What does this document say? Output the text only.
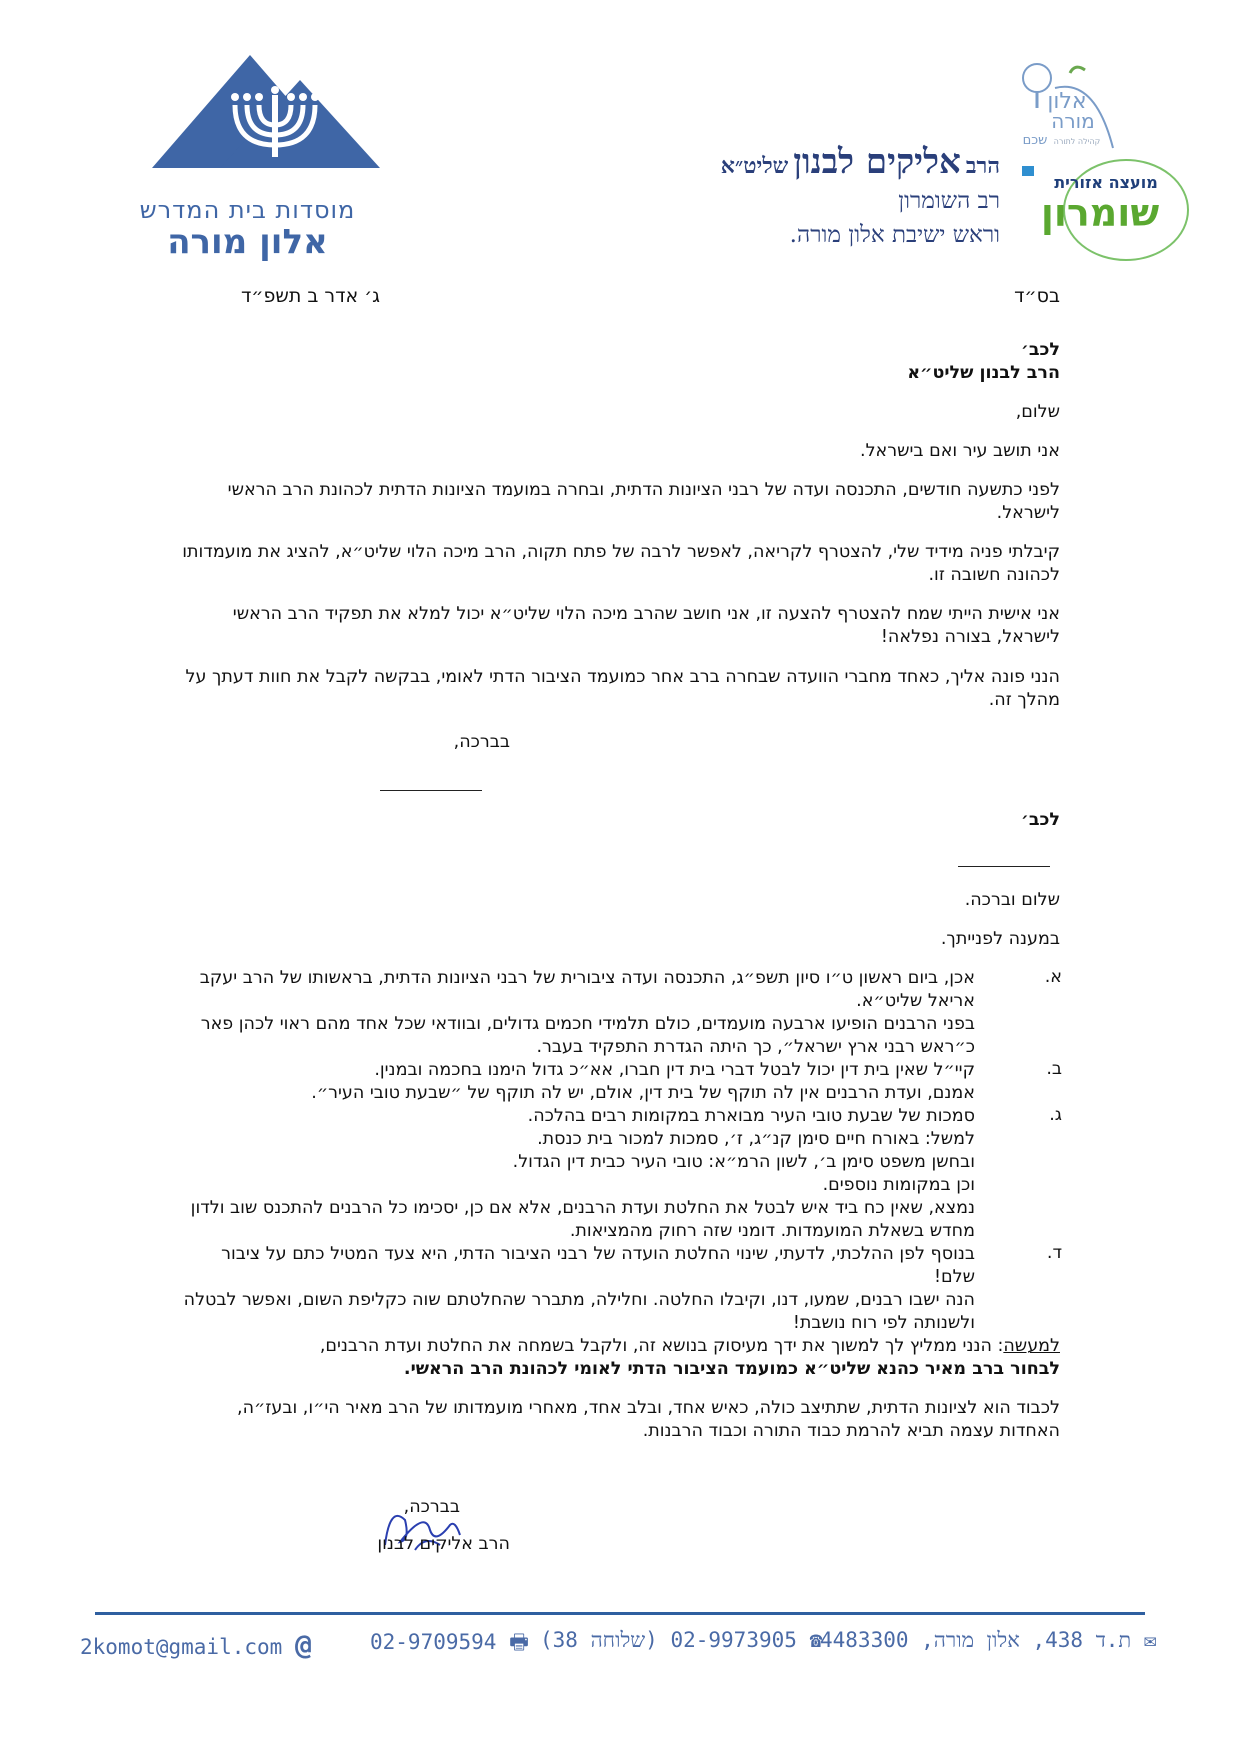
מוסדות בית המדרש
אלון מורה
הרב אליקים לבנון שליט״א
רב השומרון
וראש ישיבת אלון מורה.
אלון
מורה
שכם קהילה לתורה
מועצה אזורית
שומרון
בס״ד
ג׳ אדר ב תשפ״ד
לכב׳
הרב לבנון שליט״א
שלום,
אני תושב עיר ואם בישראל.
לפני כתשעה חודשים, התכנסה ועדה של רבני הציונות הדתית, ובחרה במועמד הציונות הדתית לכהונת הרב הראשי לישראל.
קיבלתי פניה מידיד שלי, להצטרף לקריאה, לאפשר לרבה של פתח תקוה, הרב מיכה הלוי שליט״א, להציג את מועמדותו לכהונה חשובה זו.
אני אישית הייתי שמח להצטרף להצעה זו, אני חושב שהרב מיכה הלוי שליט״א יכול למלא את תפקיד הרב הראשי לישראל, בצורה נפלאה!
הנני פונה אליך, כאחד מחברי הוועדה שבחרה ברב אחר כמועמד הציבור הדתי לאומי, בבקשה לקבל את חוות דעתך על מהלך זה.
בברכה,
לכב׳
שלום וברכה.
במענה לפנייתך.
א.
אכן, ביום ראשון ט״ו סיון תשפ״ג, התכנסה ועדה ציבורית של רבני הציונות הדתית, בראשותו של הרב יעקב אריאל שליט״א.
בפני הרבנים הופיעו ארבעה מועמדים, כולם תלמידי חכמים גדולים, ובוודאי שכל אחד מהם ראוי לכהן פאר כ״ראש רבני ארץ ישראל״, כך היתה הגדרת התפקיד בעבר.
ב.
קיי״ל שאין בית דין יכול לבטל דברי בית דין חברו, אא״כ גדול הימנו בחכמה ובמנין.
אמנם, ועדת הרבנים אין לה תוקף של בית דין, אולם, יש לה תוקף של ״שבעת טובי העיר״.
ג.
סמכות של שבעת טובי העיר מבוארת במקומות רבים בהלכה.
למשל: באורח חיים סימן קנ״ג, ז׳, סמכות למכור בית כנסת.
ובחשן משפט סימן ב׳, לשון הרמ״א: טובי העיר כבית דין הגדול.
וכן במקומות נוספים.
נמצא, שאין כח ביד איש לבטל את החלטת ועדת הרבנים, אלא אם כן, יסכימו כל הרבנים להתכנס שוב ולדון מחדש בשאלת המועמדות. דומני שזה רחוק מהמציאות.
ד.
בנוסף לפן ההלכתי, לדעתי, שינוי החלטת הועדה של רבני הציבור הדתי, היא צעד המטיל כתם על ציבור שלם!
הנה ישבו רבנים, שמעו, דנו, וקיבלו החלטה. וחלילה, מתברר שהחלטתם שוה כקליפת השום, ואפשר לבטלה ולשנותה לפי רוח נושבת!
למעשה: הנני ממליץ לך למשוך את ידך מעיסוק בנושא זה, ולקבל בשמחה את החלטת ועדת הרבנים,
לבחור ברב מאיר כהנא שליט״א כמועמד הציבור הדתי לאומי לכהונת הרב הראשי.
לכבוד הוא לציונות הדתית, שתתיצב כולה, כאיש אחד, ובלב אחד, מאחרי מועמדותו של הרב מאיר הי״ו, ובעז״ה, האחדות עצמה תביא להרמת כבוד התורה וכבוד הרבנות.
בברכה,
הרב אליקים לבנון
2komot@gmail.com @	02-9709594 🖶	☎ 02-9973905 (שלוחה 38)	✉ ת.ד 438, אלון מורה, 4483300
